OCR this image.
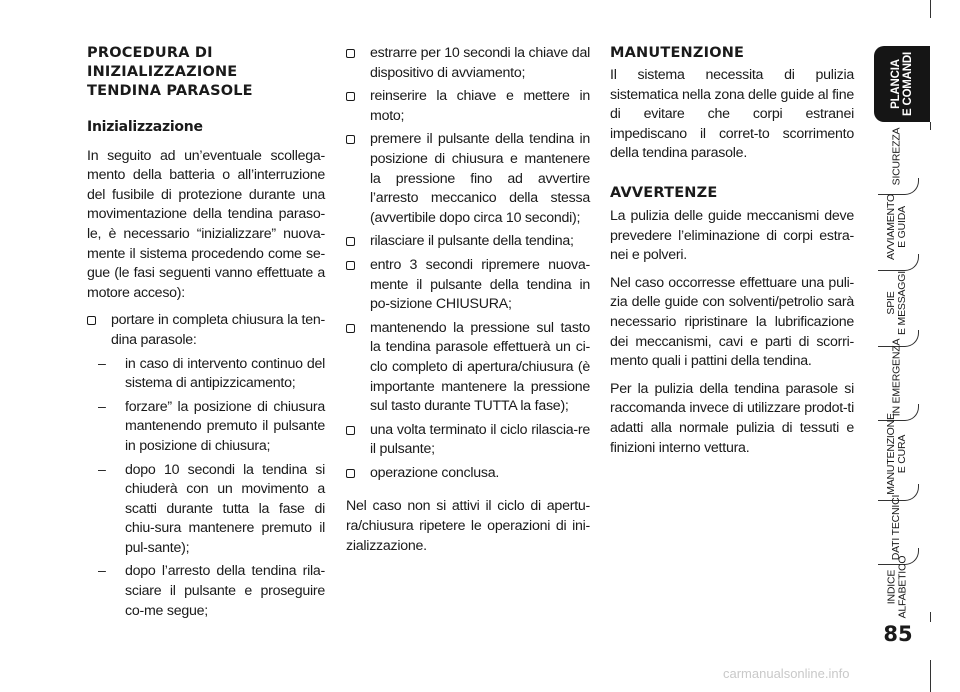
PROCEDURA DI
INIZIALIZZAZIONE
TENDINA PARASOLE
Inizializzazione

In seguito ad un’eventuale scollega-mento della batteria o all’interruzione del fusibile di protezione durante una movimentazione della tendina paraso-le, è necessario “inizializzare” nuova-mente il sistema procedendo come se-gue (le fasi seguenti vanno effettuate a motore acceso):

portare in completa chiusura la ten-dina parasole:
– in caso di intervento continuo del sistema di antipizzicamento;
– forzare” la posizione di chiusura mantenendo premuto il pulsante in posizione di chiusura;
– dopo 10 secondi la tendina si chiuderà con un movimento a scatti durante tutta la fase di chiu-sura mantenere premuto il pul-sante);
– dopo l’arresto della tendina rila-sciare il pulsante e proseguire co-me segue;
estrarre per 10 secondi la chiave dal dispositivo di avviamento;
reinserire la chiave e mettere in moto;
premere il pulsante della tendina in posizione di chiusura e mantenere la pressione fino ad avvertire l’arresto meccanico della stessa (avvertibile dopo circa 10 secondi);
rilasciare il pulsante della tendina;
entro 3 secondi ripremere nuova-mente il pulsante della tendina in po-sizione CHIUSURA;
mantenendo la pressione sul tasto la tendina parasole effettuerà un ci-clo completo di apertura/chiusura (è importante mantenere la pressione sul tasto durante TUTTA la fase);
una volta terminato il ciclo rilascia-re il pulsante;
operazione conclusa.

Nel caso non si attivi il ciclo di apertu-ra/chiusura ripetere le operazioni di ini-zializzazione.

MANUTENZIONE

Il sistema necessita di pulizia sistematica nella zona delle guide al fine di evitare che corpi estranei impediscano il corret-to scorrimento della tendina parasole.

AVVERTENZE

La pulizia delle guide meccanismi deve prevedere l’eliminazione di corpi estra-nei e polveri.

Nel caso occorresse effettuare una puli-zia delle guide con solventi/petrolio sarà necessario ripristinare la lubrificazione dei meccanismi, cavi e parti di scorri-mento quali i pattini della tendina.

Per la pulizia della tendina parasole si raccomanda invece di utilizzare prodot-ti adatti alla normale pulizia di tessuti e finizioni interno vettura.

PLANCIA
E COMANDI
SICUREZZA
AVVIAMENTO
E GUIDA
SPIE
E MESSAGGI
IN EMERGENZA
MANUTENZIONE
E CURA
DATI TECNICI
INDICE
ALFABETICO
85
carmanualsonline.info
